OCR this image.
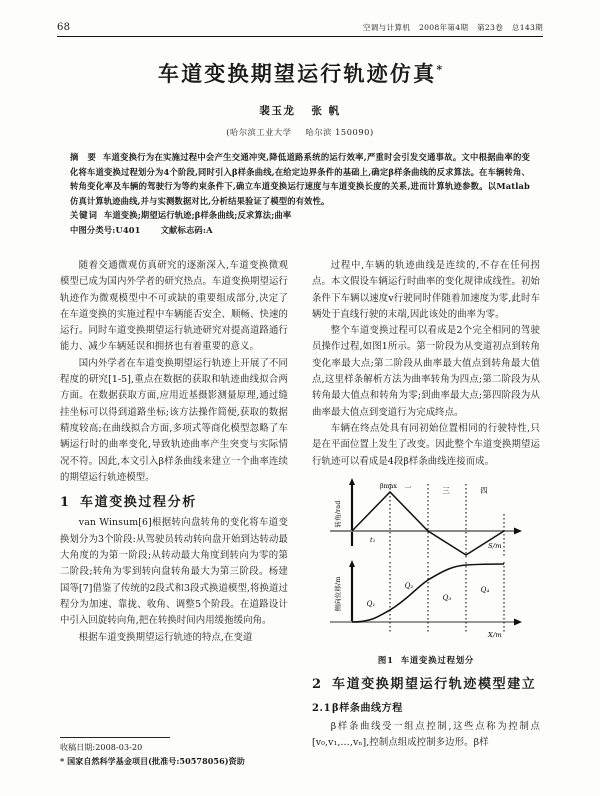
68	空调与计算机 2008年第4期 第23卷 总143期
车道变换期望运行轨迹仿真*
裴玉龙 张 帆
(哈尔滨工业大学 哈尔滨 150090)
摘 要 车道变换行为在实施过程中会产生交通冲突,降低道路系统的运行效率,严重时会引发交通事故。文中根据曲率的变化将车道变换过程划分为4个阶段,同时引入β样条曲线,在给定边界条件的基础上,确定β样条曲线的反求算法。在车辆转角、转角变化率及车辆的驾驶行为等约束条件下,确立车道变换运行速度与车道变换长度的关系,进而计算轨迹参数。以Matlab仿真计算轨迹曲线,并与实测数据对比,分析结果验证了模型的有效性。
关键词 车道变换;期望运行轨迹;β样条曲线;反求算法;曲率
中图分类号:U401 文献标志码:A

随着交通微观仿真研究的逐渐深入,车道变换微观模型已成为国内外学者的研究热点。车道变换期望运行轨迹作为微观模型中不可或缺的重要组成部分,决定了在车道变换的实施过程中车辆能否安全、顺畅、快速的运行。同时车道变换期望运行轨迹研究对提高道路通行能力、减少车辆延误和拥挤也有着重要的意义。

国内外学者在车道变换期望运行轨迹上开展了不同程度的研究[1-5],重点在数据的获取和轨迹曲线拟合两方面。在数据获取方面,应用近基摄影测量原理,通过缝挂坐标可以得到道路坐标;该方法操作简便,获取的数据精度较高;在曲线拟合方面,多项式等商化模型忽略了车辆运行时的曲率变化,导致轨迹曲率产生突变与实际情况不符。因此,本文引入β样条曲线来建立一个曲率连续的期望运行轨迹模型。

1 车道变换过程分析

van Winsum[6]根据转向盘转角的变化将车道变换划分为3个阶段:从驾驶员转动转向盘开始到达转动最大角度的为第一阶段;从转动最大角度到转向为零的第二阶段;转角为零到转向盘转角最大为第三阶段。杨建国等[7]借鉴了传统的2段式和3段式换道模型,将换道过程分为加速、靠拢、收角、调整5个阶段。在道路设计中引入回旋转向角,把在转换时间内用缓拖缓向角。

根据车道变换期望运行轨迹的特点,在变道

过程中,车辆的轨迹曲线是连续的,不存在任何拐点。本文假设车辆运行时曲率的变化规律成线性。初始条件下车辆以速度v行驶同时伴随着加速度为零,此时车辆处于直线行驶的末端,因此该处的曲率为零。

整个车道变换过程可以看成是2个完全相同的驾驶员操作过程,如图1所示。第一阶段为从变道初点到转角变化率最大点;第二阶段从曲率最大值点到转角最大值点,这里样条解析方法为曲率转角为四点;第二阶段为从转角最大值点和转角为零;到曲率最大点;第四阶段为从曲率最大值点到变道行为完成终点。

车辆在终点处具有同初始位置相同的行驶特性,只是在平面位置上发生了改变。因此整个车道变换期望运行轨迹可以看成是4段β样条曲线连接而成。

转角/rad
S/m
βmax
t₁
一	三	四
侧向位移/m
X/m
Q₁
Q₂
Q₃
Q₄
图1 车道变换过程划分
2 车道变换期望运行轨迹模型建立
2.1β样条曲线方程

β样条曲线受一组点控制,这些点称为控制点[v₀,v₁,…,vₙ],控制点组成控制多边形。β样

收稿日期:2008-03-20
* 国家自然科学基金项目(批准号:50578056)资助
